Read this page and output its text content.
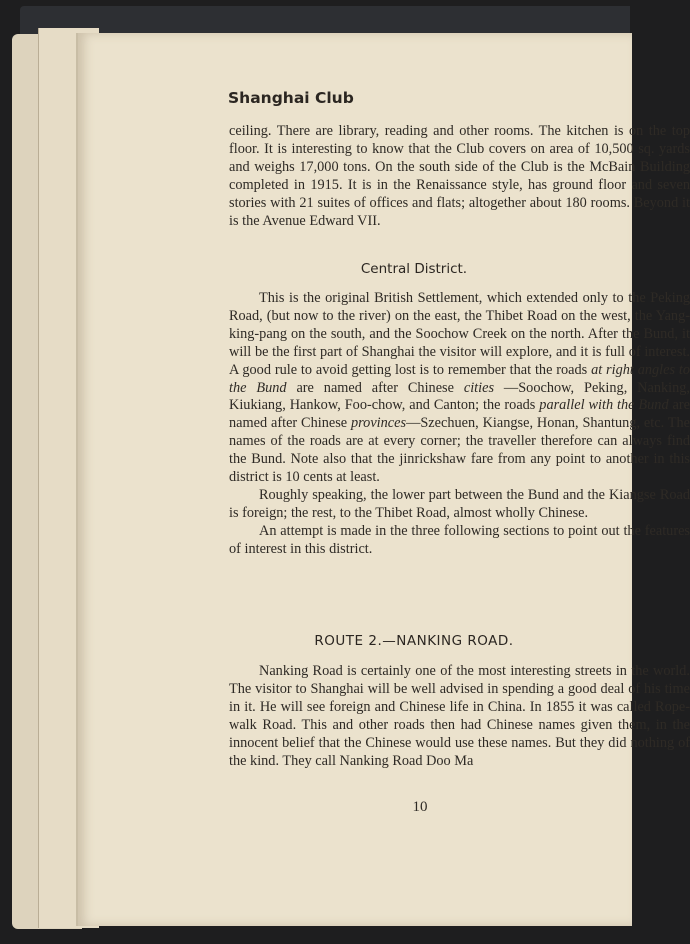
Shanghai Club

ceiling. There are library, reading and other rooms. The kitchen is on the top floor. It is interesting to know that the Club covers on area of 10,500 sq. yards and weighs 17,000 tons. On the south side of the Club is the McBain Building completed in 1915. It is in the Renaissance style, has ground floor and seven stories with 21 suites of offices and flats; altogether about 180 rooms. Beyond it is the Avenue Edward VII.

Central District.

This is the original British Settlement, which extended only to the Peking Road, (but now to the river) on the east, the Thibet Road on the west, the Yang-king-pang on the south, and the Soochow Creek on the north. After the Bund, it will be the first part of Shanghai the visitor will explore, and it is full of interest. A good rule to avoid getting lost is to remember that the roads at right angles to the Bund are named after Chinese cities —Soochow, Peking, Nanking, Kiukiang, Hankow, Foo-chow, and Canton; the roads parallel with the Bund are named after Chinese provinces—Szechuen, Kiangse, Honan, Shantung, etc. The names of the roads are at every corner; the traveller therefore can always find the Bund. Note also that the jinrickshaw fare from any point to another in this district is 10 cents at least.

Roughly speaking, the lower part between the Bund and the Kiangse Road is foreign; the rest, to the Thibet Road, almost wholly Chinese.

An attempt is made in the three following sections to point out the features of interest in this district.

ROUTE 2.—NANKING ROAD.

Nanking Road is certainly one of the most interesting streets in the world. The visitor to Shanghai will be well advised in spending a good deal of his time in it. He will see foreign and Chinese life in China. In 1855 it was called Rope-walk Road. This and other roads then had Chinese names given them, in the innocent belief that the Chinese would use these names. But they did nothing of the kind. They call Nanking Road Doo Ma

10
